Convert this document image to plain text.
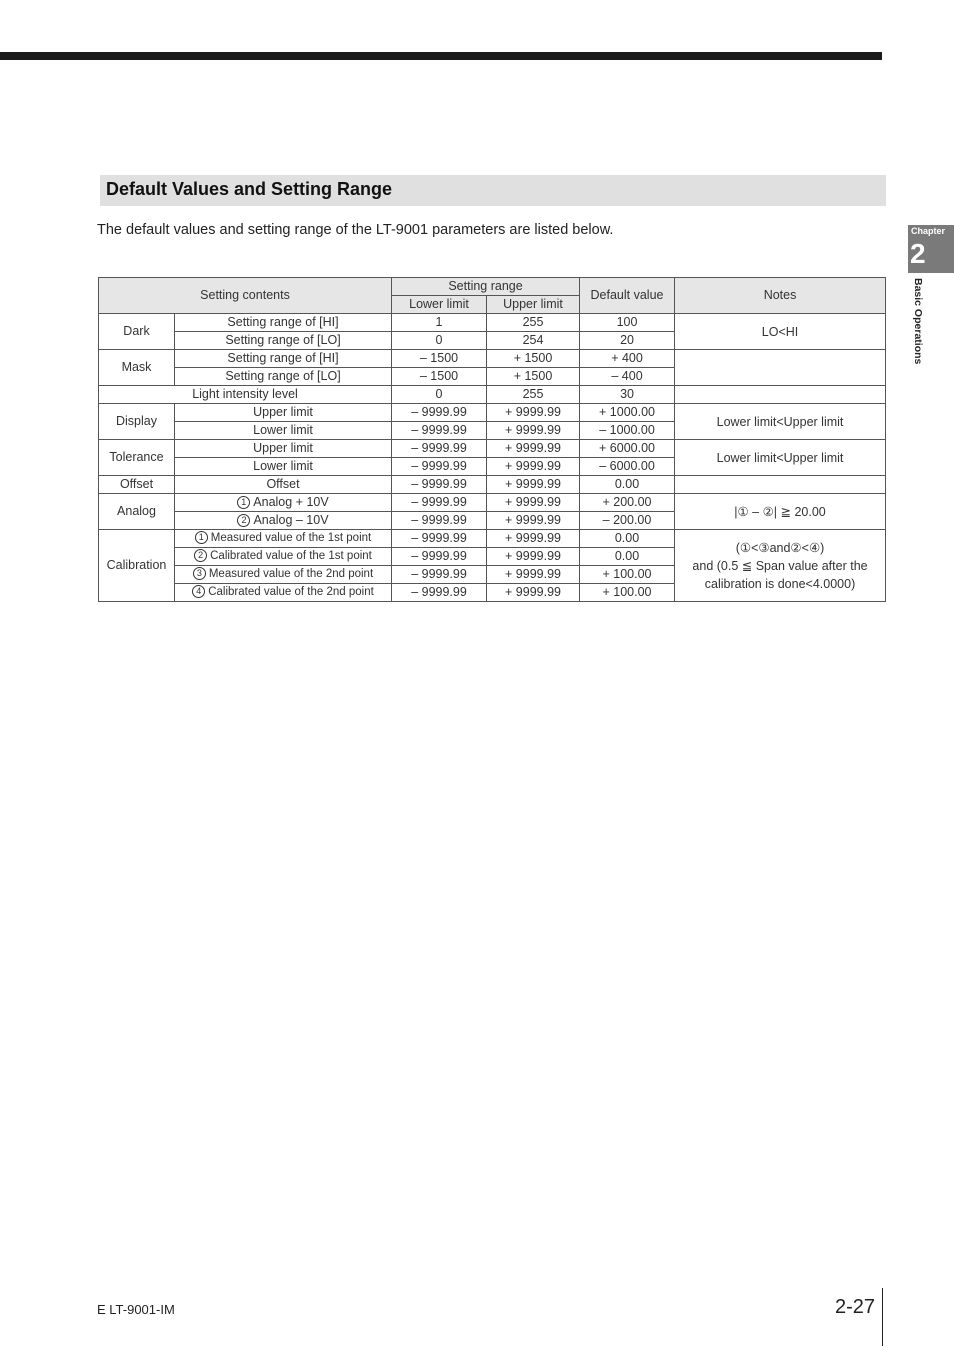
Default Values and Setting Range

The default values and setting range of the LT-9001 parameters are listed below.	Chapter
2
Basic Operations
Setting contents		Setting range		Default value	Notes
		Lower limit	Upper limit		
Dark	Setting range of [HI]	1	255	100	LO<HI
	Setting range of [LO]	0	254	20	
Mask	Setting range of [HI]	– 1500	+ 1500	+ 400	
	Setting range of [LO]	– 1500	+ 1500	– 400	
Light intensity level		0	255	30	
Display	Upper limit	– 9999.99	+ 9999.99	+ 1000.00	Lower limit<Upper limit
	Lower limit	– 9999.99	+ 9999.99	– 1000.00	
Tolerance	Upper limit	– 9999.99	+ 9999.99	+ 6000.00	Lower limit<Upper limit
	Lower limit	– 9999.99	+ 9999.99	– 6000.00	
Offset	Offset	– 9999.99	+ 9999.99	0.00	
Analog	1 Analog + 10V	– 9999.99	+ 9999.99	+ 200.00	|① – ②| ≧ 20.00
	2 Analog – 10V	– 9999.99	+ 9999.99	– 200.00	
Calibration	1 Measured value of the 1st point	– 9999.99	+ 9999.99	0.00	(①<③and②<④)
and (0.5 ≦ Span value after the calibration is done<4.0000)

	2 Calibrated value of the 1st point	– 9999.99	+ 9999.99	0.00	
	3 Measured value of the 2nd point	– 9999.99	+ 9999.99	+ 100.00	
	4 Calibrated value of the 2nd point	– 9999.99	+ 9999.99	+ 100.00	
E LT-9001-IM	2-27
